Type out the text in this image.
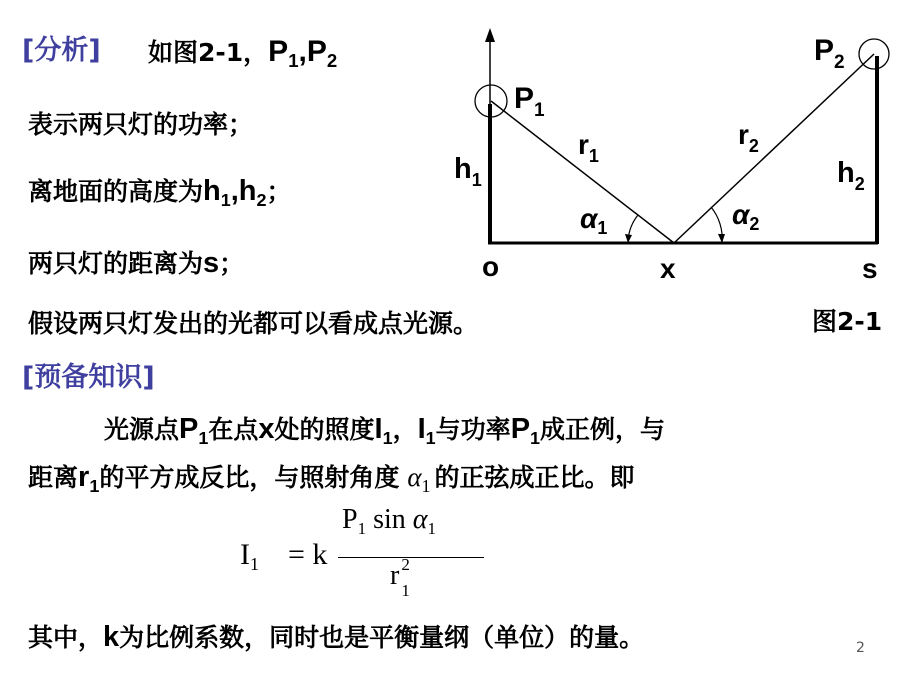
[分析] 如图2-1，$P_1,P_2$
表示两只灯的功率；
离地面的高度为$h_1,h_2$；
两只灯的距离为s；
假设两只灯发出的光都可以看成点光源。
$P_1$
$P_2$
$r_1$
$r_2$
$h_1$	$h_2$
$\alpha_1$	$\alpha_2$
o	x	s
图2-1
[预备知识]
光源点$P_1$在点x处的照度$I_1$，$I_1$与功率$P_1$成正例，与
距离$r_1$的平方成反比，与照射角度 $\alpha_1$ 的正弦成正比。即
$I_1 = k$
$P_1$ $\sin \alpha_1$
r 2
1
其中，k为比例系数，同时也是平衡量纲（单位）的量。	2
